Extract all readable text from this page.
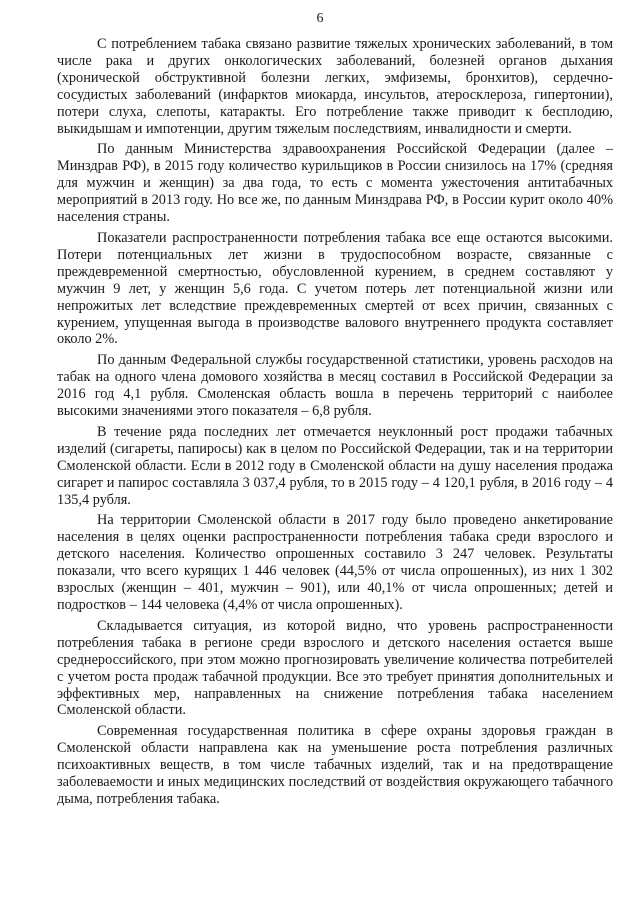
6

С потреблением табака связано развитие тяжелых хронических заболеваний, в том числе рака и других онкологических заболеваний, болезней органов дыхания (хронической обструктивной болезни легких, эмфиземы, бронхитов), сердечно-сосудистых заболеваний (инфарктов миокарда, инсультов, атеросклероза, гипертонии), потери слуха, слепоты, катаракты. Его потребление также приводит к бесплодию, выкидышам и импотенции, другим тяжелым последствиям, инвалидности и смерти.

По данным Министерства здравоохранения Российской Федерации (далее – Минздрав РФ), в 2015 году количество курильщиков в России снизилось на 17% (средняя для мужчин и женщин) за два года, то есть с момента ужесточения антитабачных мероприятий в 2013 году. Но все же, по данным Минздрава РФ, в России курит около 40% населения страны.

Показатели распространенности потребления табака все еще остаются высокими. Потери потенциальных лет жизни в трудоспособном возрасте, связанные с преждевременной смертностью, обусловленной курением, в среднем составляют у мужчин 9 лет, у женщин 5,6 года. С учетом потерь лет потенциальной жизни или непрожитых лет вследствие преждевременных смертей от всех причин, связанных с курением, упущенная выгода в производстве валового внутреннего продукта составляет около 2%.

По данным Федеральной службы государственной статистики, уровень расходов на табак на одного члена домового хозяйства в месяц составил в Российской Федерации за 2016 год 4,1 рубля. Смоленская область вошла в перечень территорий с наиболее высокими значениями этого показателя – 6,8 рубля.

В течение ряда последних лет отмечается неуклонный рост продажи табачных изделий (сигареты, папиросы) как в целом по Российской Федерации, так и на территории Смоленской области. Если в 2012 году в Смоленской области на душу населения продажа сигарет и папирос составляла 3 037,4 рубля, то в 2015 году – 4 120,1 рубля, в 2016 году – 4 135,4 рубля.

На территории Смоленской области в 2017 году было проведено анкетирование населения в целях оценки распространенности потребления табака среди взрослого и детского населения. Количество опрошенных составило 3 247 человек. Результаты показали, что всего курящих 1 446 человек (44,5% от числа опрошенных), из них 1 302 взрослых (женщин – 401, мужчин – 901), или 40,1% от числа опрошенных; детей и подростков – 144 человека (4,4% от числа опрошенных).

Складывается ситуация, из которой видно, что уровень распространенности потребления табака в регионе среди взрослого и детского населения остается выше среднероссийского, при этом можно прогнозировать увеличение количества потребителей с учетом роста продаж табачной продукции. Все это требует принятия дополнительных и эффективных мер, направленных на снижение потребления табака населением Смоленской области.

Современная государственная политика в сфере охраны здоровья граждан в Смоленской области направлена как на уменьшение роста потребления различных психоактивных веществ, в том числе табачных изделий, так и на предотвращение заболеваемости и иных медицинских последствий от воздействия окружающего табачного дыма, потребления табака.
